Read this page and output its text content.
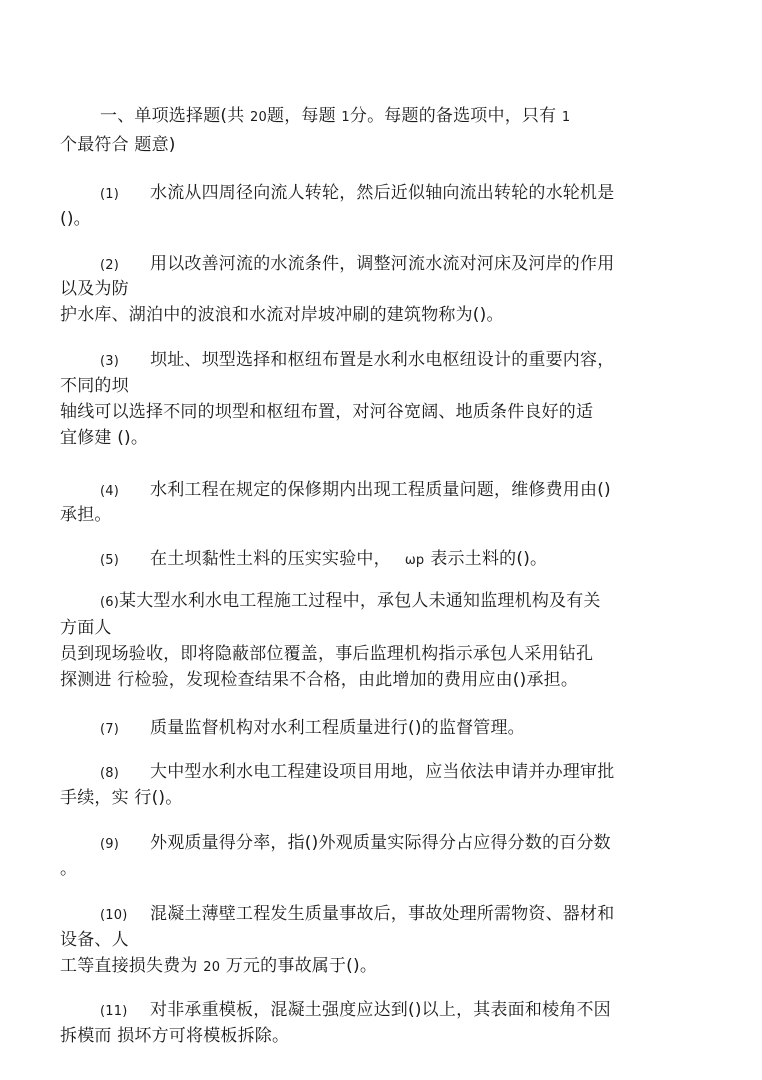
一、单项选择题(共 20题，每题 1分。每题的备选项中，只有 1
个最符合 题意)
(1) 水流从四周径向流人转轮，然后近似轴向流出转轮的水轮机是
()。
(2) 用以改善河流的水流条件，调整河流水流对河床及河岸的作用
以及为防
护水库、湖泊中的波浪和水流对岸坡冲刷的建筑物称为()。
(3) 坝址、坝型选择和枢纽布置是水利水电枢纽设计的重要内容，
不同的坝
轴线可以选择不同的坝型和枢纽布置，对河谷宽阔、地质条件良好的适
宜修建 ()。
(4) 水利工程在规定的保修期内出现工程质量问题，维修费用由()
承担。
(5) 在土坝黏性土料的压实实验中， ωp 表示土料的()。
(6)某大型水利水电工程施工过程中，承包人未通知监理机构及有关
方面人
员到现场验收，即将隐蔽部位覆盖，事后监理机构指示承包人采用钻孔
探测进 行检验，发现检查结果不合格，由此增加的费用应由()承担。
(7) 质量监督机构对水利工程质量进行()的监督管理。
(8) 大中型水利水电工程建设项目用地，应当依法申请并办理审批
手续，实 行()。
(9) 外观质量得分率，指()外观质量实际得分占应得分数的百分数
。
(10) 混凝土薄壁工程发生质量事故后，事故处理所需物资、器材和
设备、人
工等直接损失费为 20 万元的事故属于()。
(11) 对非承重模板，混凝土强度应达到()以上，其表面和棱角不因
拆模而 损坏方可将模板拆除。
